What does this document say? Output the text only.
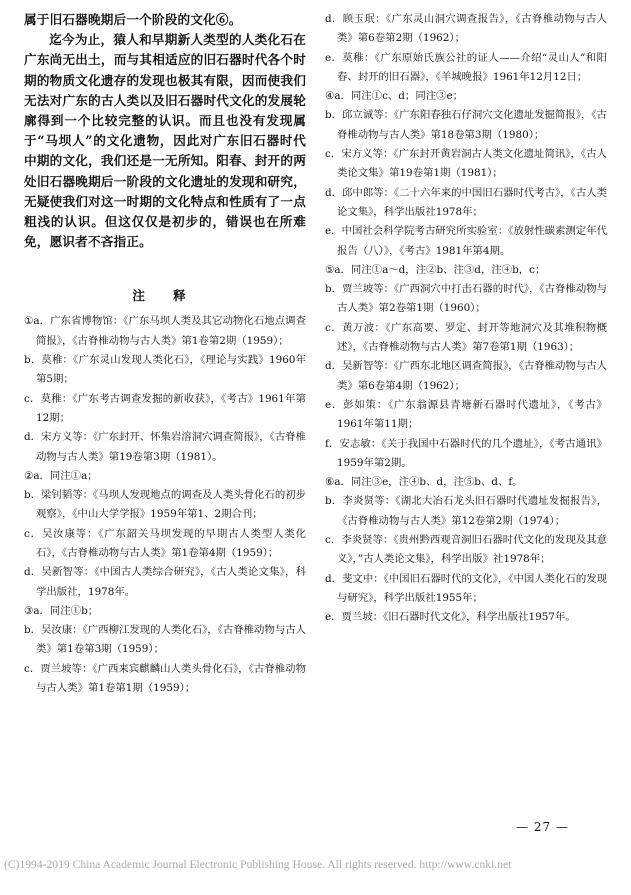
属于旧石器晚期后一个阶段的文化⑥。

迄今为止，猿人和早期新人类型的人类化石在广东尚无出土，而与其相适应的旧石器时代各个时期的物质文化遗存的发现也极其有限，因而使我们无法对广东的古人类以及旧石器时代文化的发展轮廓得到一个比较完整的认识。而且也没有发现属于“马坝人”的文化遗物，因此对广东旧石器时代中期的文化，我们还是一无所知。阳春、封开的两处旧石器晚期后一阶段的文化遗址的发现和研究，无疑使我们对这一时期的文化特点和性质有了一点粗浅的认识。但这仅仅是初步的，错误也在所难免，愿识者不吝指正。

注 释

①a．广东省博物馆：《广东马坝人类及其它动物化石地点调查简报》，《古脊椎动物与古人类》第1卷第2期（1959）；

b．莫稚：《广东灵山发现人类化石》，《理论与实践》1960年第5期；

c．莫稚：《广东考古调查发掘的新收获》，《考古》1961年第12期；

d．宋方义等：《广东封开、怀集岩溶洞穴调查简报》，《古脊椎动物与古人类》第19卷第3期（1981）。

②a．同注①a；

b．梁钊韬等：《马坝人发现地点的调查及人类头骨化石的初步观察》，《中山大学学报》1959年第1、2期合刊；

c．吴汝康等：《广东韶关马坝发现的早期古人类型人类化石》，《古脊椎动物与古人类》第1卷第4期（1959）；

d．吴新智等：《中国古人类综合研究》，《古人类论文集》，科学出版社，1978年。

③a．同注①b；

b．吴汝康：《广西柳江发现的人类化石》，《古脊椎动物与古人类》第1卷第3期（1959）；

c．贾兰坡等：《广西来宾麒麟山人类头骨化石》，《古脊椎动物与古人类》第1卷第1期（1959）；

d．顾玉珉：《广东灵山洞穴调查报告》，《古脊椎动物与古人类》第6卷第2期（1962）；

e．莫稚：《广东原始氏族公社的证人——介绍“灵山人”和阳春、封开的旧石器》，《羊城晚报》1961年12月12日；

④a．同注①c、d；同注③e；

b．邱立诚等：《广东阳春独石仔洞穴文化遗址发掘简报》，《古脊椎动物与古人类》第18卷第3期（1980）；

c．宋方义等：《广东封开黄岩洞古人类文化遗址简讯》，《古人类论文集》第19卷第1期（1981）；

d．邱中郎等：《二十六年来的中国旧石器时代考古》，《古人类论文集》，科学出版社1978年；

e．中国社会科学院考古研究所实验室：《放射性碳素测定年代报告（八）》，《考古》1981年第4期。

⑤a．同注①a～d，注②b、注③d，注④b，c；

b．贾兰坡等：《广西洞穴中打击石器的时代》，《古脊椎动物与古人类》第2卷第1期（1960）；

c．黄万波：《广东高要、罗定、封开等地洞穴及其堆积物概述》，《古脊椎动物与古人类》第7卷第1期（1963）；

d．吴新智等：《广西东北地区调查简报》，《古脊椎动物与古人类》第6卷第4期（1962）；

e．彭如策：《广东翁源县青塘新石器时代遗址》，《考古》1961年第11期；

f．安志敏：《关于我国中石器时代的几个遗址》，《考古通讯》1959年第2期。

⑥a．同注③e，注④b、d，注⑤b、d、f。

b．李炎贤等：《湖北大冶石龙头旧石器时代遗址发掘报告》，《古脊椎动物与古人类》第12卷第2期（1974）；

c．李炎贤等：《贵州黔西观音洞旧石器时代文化的发现及其意义》，”古人类论文集》，科学出版》社1978年；

d．斐文中：《中国旧石器时代的文化》，《中国人类化石的发现与研究》，科学出版社1955年；

e．贾兰坡：《旧石器时代文化》，科学出版社1957年。

— 27 —
(C)1994-2019 China Academic Journal Electronic Publishing House. All rights reserved. http://www.cnki.net
